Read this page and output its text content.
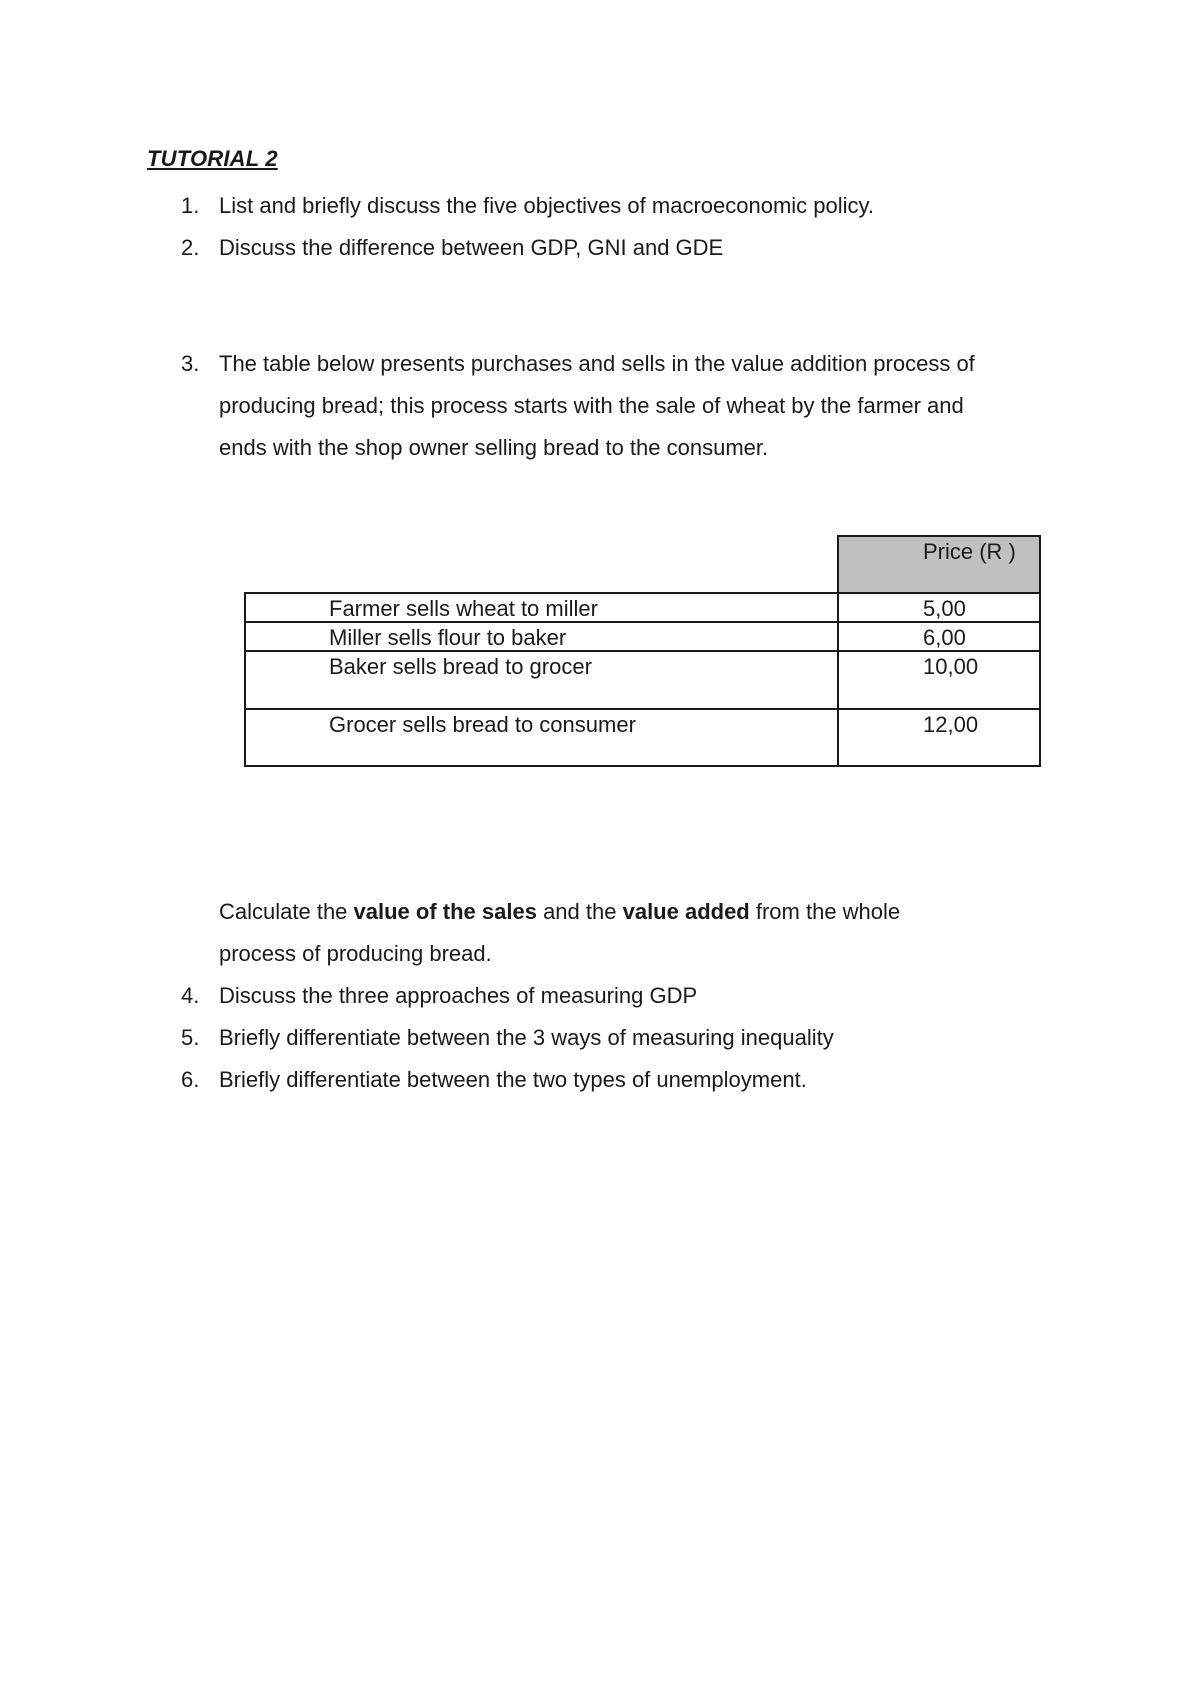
TUTORIAL 2
1. List and briefly discuss the five objectives of macroeconomic policy.
2. Discuss the difference between GDP, GNI and GDE
3. The table below presents purchases and sells in the value addition process of
producing bread; this process starts with the sale of wheat by the farmer and
ends with the shop owner selling bread to the consumer.
Price (R )
Farmer sells wheat to miller	5,00
Miller sells flour to baker	6,00
Baker sells bread to grocer	10,00
Grocer sells bread to consumer	12,00
Calculate the value of the sales and the value added from the whole
process of producing bread.
4. Discuss the three approaches of measuring GDP
5. Briefly differentiate between the 3 ways of measuring inequality
6. Briefly differentiate between the two types of unemployment.
